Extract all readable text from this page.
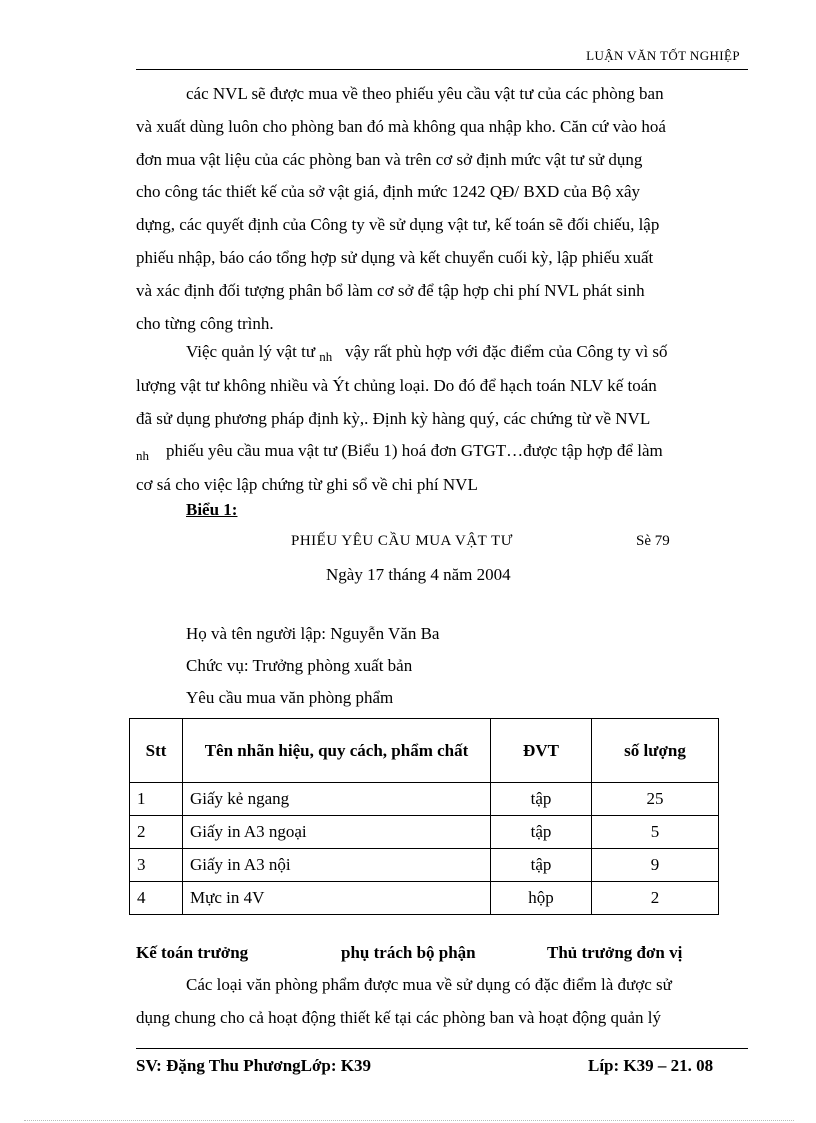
LUẬN VĂN TỐT NGHIỆP

các NVL sẽ được mua về theo phiếu yêu cầu vật tư của các phòng ban

và xuất dùng luôn cho phòng ban đó mà không qua nhập kho. Căn cứ vào hoá

đơn mua vật liệu của các phòng ban và trên cơ sở định mức vật tư sử dụng

cho công tác thiết kế của sở vật giá, định mức 1242 QĐ/ BXD của Bộ xây

dựng, các quyết định của Công ty về sử dụng vật tư, kế toán sẽ đối chiếu, lập

phiếu nhập, báo cáo tổng hợp sử dụng và kết chuyển cuối kỳ, lập phiếu xuất

và xác định đối tượng phân bổ làm cơ sở để tập hợp chi phí NVL phát sinh

cho từng công trình.

Việc quản lý vật tư $_{nh}$ vậy rất phù hợp với đặc điểm của Công ty vì số

lượng vật tư không nhiều và Ýt chủng loại. Do đó để hạch toán NLV kế toán

đã sử dụng phương pháp định kỳ,. Định kỳ hàng quý, các chứng từ về NVL

$_{nh}$ phiếu yêu cầu mua vật tư (Biểu 1) hoá đơn GTGT…được tập hợp để làm

cơ sá cho việc lập chứng từ ghi sổ về chi phí NVL

Biểu 1:
PHIẾU YÊU CẦU MUA VẬT TƯ	Sè 79
Ngày 17 tháng 4 năm 2004
Họ và tên người lập: Nguyễn Văn Ba
Chức vụ: Trưởng phòng xuất bản
Yêu cầu mua văn phòng phẩm
Stt	Tên nhãn hiệu, quy cách, phẩm chất	ĐVT	số lượng
1	Giấy kẻ ngang	tập	25
2	Giấy in A3 ngoại	tập	5
3	Giấy in A3 nội	tập	9
4	Mực in 4V	hộp	2
Kế toán trưởng	phụ trách bộ phận	Thủ trưởng đơn vị

Các loại văn phòng phẩm được mua về sử dụng có đặc điểm là được sử

dụng chung cho cả hoạt động thiết kế tại các phòng ban và hoạt động quản lý

SV: Đặng Thu PhươngLớp: K39	Líp: K39 – 21. 08
